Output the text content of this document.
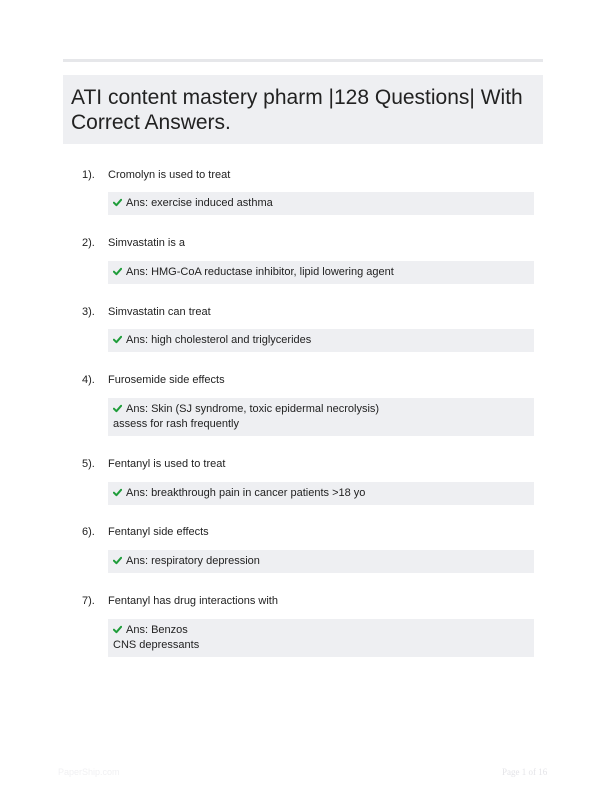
ATI content mastery pharm |128 Questions| With Correct Answers.
1). Cromolyn is used to treat
Ans: exercise induced asthma
2). Simvastatin is a
Ans: HMG-CoA reductase inhibitor, lipid lowering agent
3). Simvastatin can treat
Ans: high cholesterol and triglycerides
4). Furosemide side effects
Ans: Skin (SJ syndrome, toxic epidermal necrolysis)
assess for rash frequently
5). Fentanyl is used to treat
Ans: breakthrough pain in cancer patients >18 yo
6). Fentanyl side effects
Ans: respiratory depression
7). Fentanyl has drug interactions with
Ans: Benzos
CNS depressants
PaperShip.com	Page 1 of 16
